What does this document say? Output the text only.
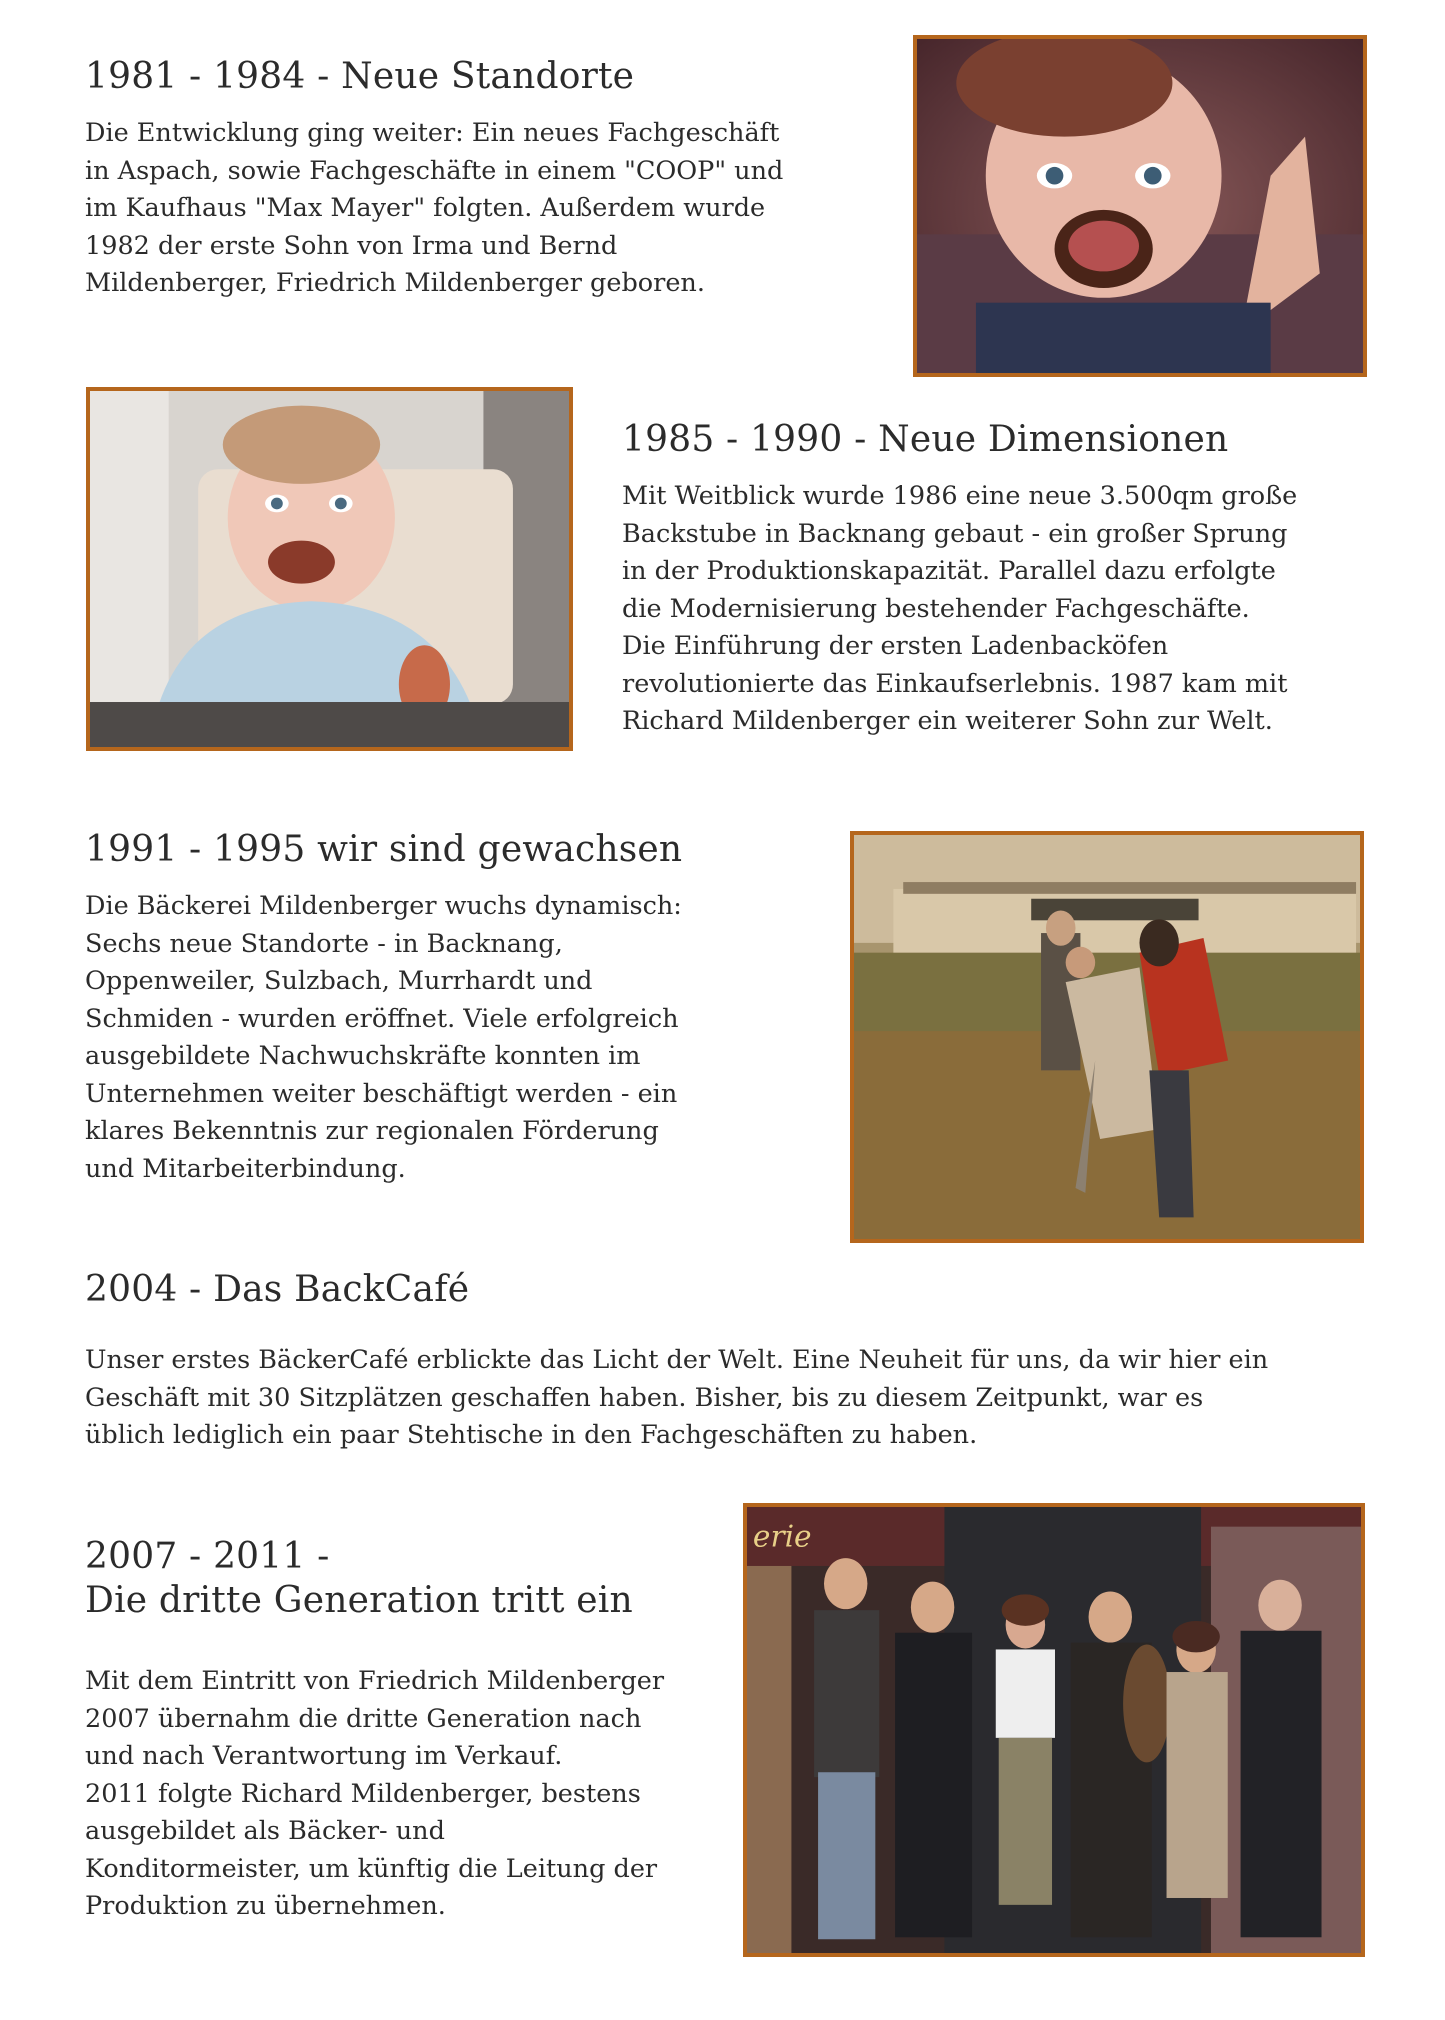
1981 - 1984 - Neue Standorte

Die Entwicklung ging weiter: Ein neues Fachgeschäft
in Aspach, sowie Fachgeschäfte in einem "COOP" und
im Kaufhaus "Max Mayer" folgten. Außerdem wurde
1982 der erste Sohn von Irma und Bernd
Mildenberger, Friedrich Mildenberger geboren.

1985 - 1990 - Neue Dimensionen

Mit Weitblick wurde 1986 eine neue 3.500qm große
Backstube in Backnang gebaut - ein großer Sprung
in der Produktionskapazität. Parallel dazu erfolgte
die Modernisierung bestehender Fachgeschäfte.
Die Einführung der ersten Ladenbacköfen
revolutionierte das Einkaufserlebnis. 1987 kam mit
Richard Mildenberger ein weiterer Sohn zur Welt.

1991 - 1995 wir sind gewachsen

Die Bäckerei Mildenberger wuchs dynamisch:
Sechs neue Standorte - in Backnang,
Oppenweiler, Sulzbach, Murrhardt und
Schmiden - wurden eröffnet. Viele erfolgreich
ausgebildete Nachwuchskräfte konnten im
Unternehmen weiter beschäftigt werden - ein
klares Bekenntnis zur regionalen Förderung
und Mitarbeiterbindung.

2004 - Das BackCafé

Unser erstes BäckerCafé erblickte das Licht der Welt. Eine Neuheit für uns, da wir hier ein
Geschäft mit 30 Sitzplätzen geschaffen haben. Bisher, bis zu diesem Zeitpunkt, war es
üblich lediglich ein paar Stehtische in den Fachgeschäften zu haben.

2007 - 2011 -
Die dritte Generation tritt ein

Mit dem Eintritt von Friedrich Mildenberger
2007 übernahm die dritte Generation nach
und nach Verantwortung im Verkauf.
2011 folgte Richard Mildenberger, bestens
ausgebildet als Bäcker- und
Konditormeister, um künftig die Leitung der
Produktion zu übernehmen.

erie
